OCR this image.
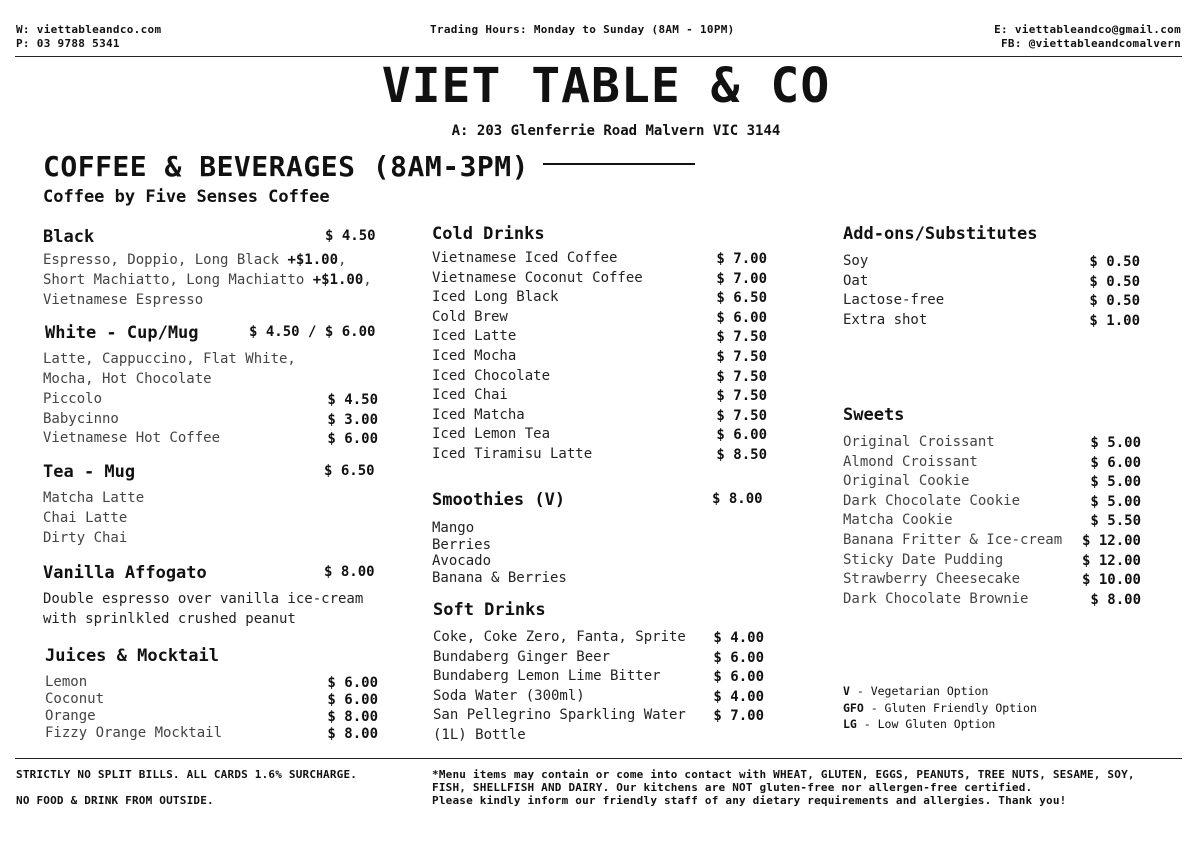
W: viettableandco.com
P: 03 9788 5341
Trading Hours: Monday to Sunday (8AM - 10PM)	E: viettableandco@gmail.com
FB: @viettableandcomalvern
VIET TABLE & CO
A: 203 Glenferrie Road Malvern VIC 3144
COFFEE & BEVERAGES (8AM-3PM)
Coffee by Five Senses Coffee
Black	$ 4.50
Espresso, Doppio, Long Black +$1.00,
Short Machiatto, Long Machiatto +$1.00,
Vietnamese Espresso
White - Cup/Mug	$ 4.50 / $ 6.00
Latte, Cappuccino, Flat White,
Mocha, Hot Chocolate
Piccolo	$ 4.50
Babycinno	$ 3.00
Vietnamese Hot Coffee	$ 6.00
Tea - Mug	$ 6.50
Matcha Latte
Chai Latte
Dirty Chai
Vanilla Affogato	$ 8.00
Double espresso over vanilla ice-cream
with sprinlkled crushed peanut
Juices & Mocktail
Lemon	$ 6.00
Coconut	$ 6.00
Orange	$ 8.00
Fizzy Orange Mocktail	$ 8.00
Cold Drinks
Vietnamese Iced Coffee	$ 7.00
Vietnamese Coconut Coffee	$ 7.00
Iced Long Black	$ 6.50
Cold Brew	$ 6.00
Iced Latte	$ 7.50
Iced Mocha	$ 7.50
Iced Chocolate	$ 7.50
Iced Chai	$ 7.50
Iced Matcha	$ 7.50
Iced Lemon Tea	$ 6.00
Iced Tiramisu Latte	$ 8.50
Smoothies (V)	$ 8.00
Mango
Berries
Avocado
Banana & Berries
Soft Drinks
Coke, Coke Zero, Fanta, Sprite $ 4.00
Bundaberg Ginger Beer	$ 6.00
Bundaberg Lemon Lime Bitter	$ 6.00
Soda Water (300ml)	$ 4.00
San Pellegrino Sparkling Water $ 7.00
(1L) Bottle
Add-ons/Substitutes
Soy	$ 0.50
Oat	$ 0.50
Lactose-free	$ 0.50
Extra shot	$ 1.00
Sweets
Original Croissant	$ 5.00
Almond Croissant	$ 6.00
Original Cookie	$ 5.00
Dark Chocolate Cookie	$ 5.00
Matcha Cookie	$ 5.50
Banana Fritter & Ice-cream $ 12.00
Sticky Date Pudding	$ 12.00
Strawberry Cheesecake	$ 10.00
Dark Chocolate Brownie	$ 8.00
V - Vegetarian Option
GFO - Gluten Friendly Option
LG - Low Gluten Option
STRICTLY NO SPLIT BILLS. ALL CARDS 1.6% SURCHARGE.
NO FOOD & DRINK FROM OUTSIDE.
*Menu items may contain or come into contact with WHEAT, GLUTEN, EGGS, PEANUTS, TREE NUTS, SESAME, SOY,
FISH, SHELLFISH AND DAIRY. Our kitchens are NOT gluten-free nor allergen-free certified.
Please kindly inform our friendly staff of any dietary requirements and allergies. Thank you!
